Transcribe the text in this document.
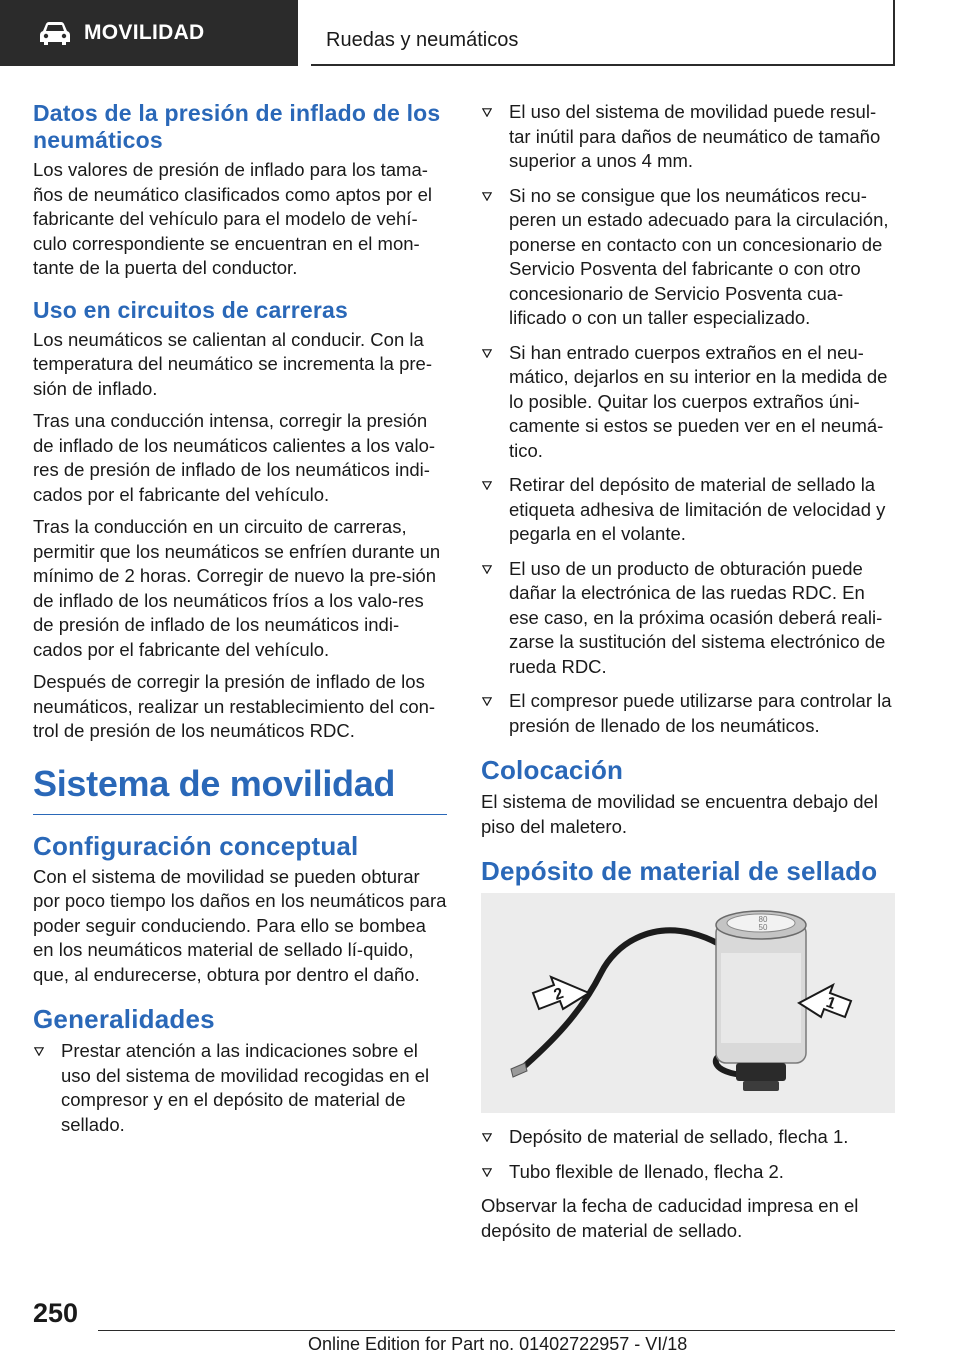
MOVILIDAD	Ruedas y neumáticos
Datos de la presión de inflado de los neumáticos

Los valores de presión de inflado para los tama-ños de neumático clasificados como aptos por el fabricante del vehículo para el modelo de vehí-culo correspondiente se encuentran en el mon-tante de la puerta del conductor.

Uso en circuitos de carreras

Los neumáticos se calientan al conducir. Con la temperatura del neumático se incrementa la pre-sión de inflado.

Tras una conducción intensa, corregir la presión de inflado de los neumáticos calientes a los valo-res de presión de inflado de los neumáticos indi-cados por el fabricante del vehículo.

Tras la conducción en un circuito de carreras, permitir que los neumáticos se enfríen durante un mínimo de 2 horas. Corregir de nuevo la pre-sión de inflado de los neumáticos fríos a los valo-res de presión de inflado de los neumáticos indi-cados por el fabricante del vehículo.

Después de corregir la presión de inflado de los neumáticos, realizar un restablecimiento del con-trol de presión de los neumáticos RDC.

Sistema de movilidad
Configuración conceptual

Con el sistema de movilidad se pueden obturar por poco tiempo los daños en los neumáticos para poder seguir conduciendo. Para ello se bombea en los neumáticos material de sellado lí-quido, que, al endurecerse, obtura por dentro el daño.

Generalidades
Prestar atención a las indicaciones sobre el uso del sistema de movilidad recogidas en el compresor y en el depósito de material de sellado.
El uso del sistema de movilidad puede resul-tar inútil para daños de neumático de tamaño superior a unos 4 mm.
Si no se consigue que los neumáticos recu-peren un estado adecuado para la circulación, ponerse en contacto con un concesionario de Servicio Posventa del fabricante o con otro concesionario de Servicio Posventa cua-lificado o con un taller especializado.
Si han entrado cuerpos extraños en el neu-mático, dejarlos en su interior en la medida de lo posible. Quitar los cuerpos extraños úni-camente si estos se pueden ver en el neumá-tico.
Retirar del depósito de material de sellado la etiqueta adhesiva de limitación de velocidad y pegarla en el volante.
El uso de un producto de obturación puede dañar la electrónica de las ruedas RDC. En ese caso, en la próxima ocasión deberá reali-zarse la sustitución del sistema electrónico de rueda RDC.
El compresor puede utilizarse para controlar la presión de llenado de los neumáticos.
Colocación

El sistema de movilidad se encuentra debajo del piso del maletero.

Depósito de material de sellado
80
50
1
2
Depósito de material de sellado, flecha 1.
Tubo flexible de llenado, flecha 2.

Observar la fecha de caducidad impresa en el depósito de material de sellado.

250
Online Edition for Part no. 01402722957 - VI/18
